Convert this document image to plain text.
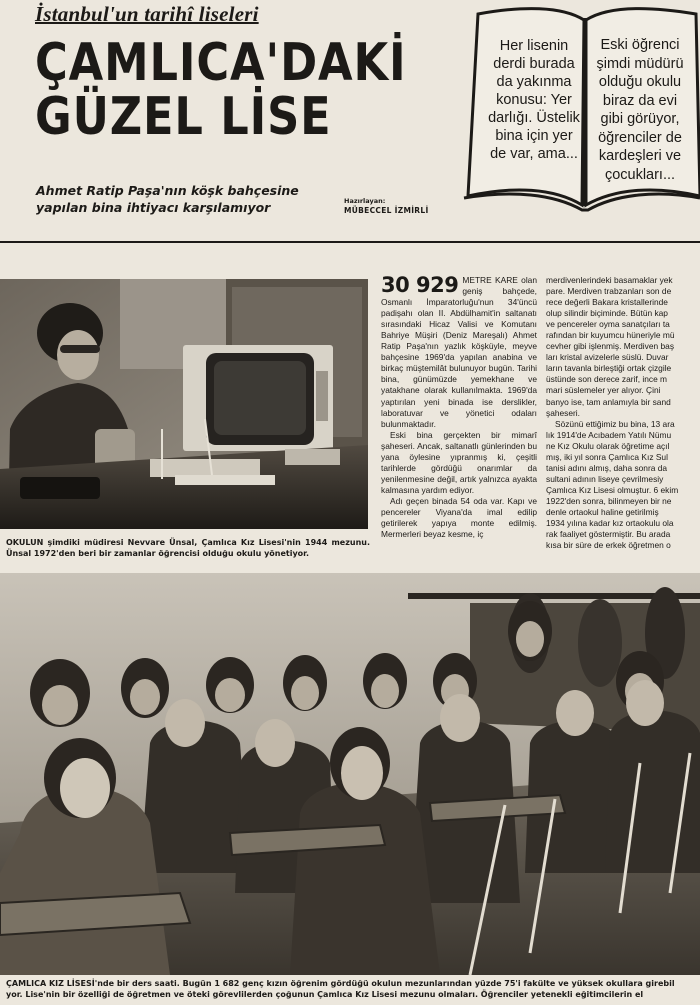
İstanbul'un tarihî liseleri
ÇAMLICA'DAKİ
GÜZEL LİSE
Ahmet Ratip Paşa'nın köşk bahçesine yapılan bina ihtiyacı karşılamıyor	Hazırlayan:
MÜBECCEL İZMİRLİ
Her lisenin derdi burada da yakınma konusu: Yer darlığı. Üstelik bina için yer de var, ama...
Eski öğrenci şimdi müdürü olduğu okulu biraz da evi gibi görüyor, öğrenciler de kardeşleri ve çocukları...
OKULUN şimdiki müdiresi Nevvare Ünsal, Çamlıca Kız Lisesi'nin 1944 mezunu. Ünsal 1972'den beri bir zamanlar öğrencisi olduğu okulu yönetiyor.

30 929 METRE KARE olan geniş bahçede, Osmanlı İmparatorluğu'nun 34'üncü padişahı olan II. Abdülhamit'in saltanatı sırasındaki Hicaz Valisi ve Komutanı Bahriye Müşiri (Deniz Mareşalı) Ahmet Ratip Paşa'nın yazlık köşküyle, meyve bahçesine 1969'da yapılan anabina ve birkaç müştemilât bulunuyor bugün. Tarihi bina, günümüzde yemekhane ve yatakhane olarak kullanılmakta. 1969'da yaptırılan yeni binada ise derslikler, laboratuvar ve yönetici odaları bulunmaktadır.

Eski bina gerçekten bir mimarî şaheseri. Ancak, saltanatlı günlerinden bu yana öylesine yıpranmış ki, çeşitli tarihlerde gördüğü onarımlar da yenilenmesine değil, artık yalnızca ayakta kalmasına yardım ediyor.

Adı geçen binada 54 oda var. Kapı ve pencereler Viyana'da imal edilip getirilerek yapıya monte edilmiş. Mermerleri beyaz kesme, iç

merdivenlerindeki basamaklar yek

pare. Merdiven trabzanları son de

rece değerli Bakara kristallerinde

olup silindir biçiminde. Bütün kap

ve pencereler oyma sanatçıları ta

rafından bir kuyumcu hüneriyle mü

cevher gibi işlenmiş. Merdiven baş

ları kristal avizelerle süslü. Duvar

ların tavanla birleştiği ortak çizgile

üstünde son derece zarif, ince m

mari süslemeler yer alıyor. Çini

banyo ise, tam anlamıyla bir sand

şaheseri.

Sözünü ettiğimiz bu bina, 13 ara

lık 1914'de Acıbadem Yatılı Nümu

ne Kız Okulu olarak öğretime açıl

mış, iki yıl sonra Çamlıca Kız Sul

tanisi adını almış, daha sonra da

sultani adının liseye çevrilmesiy

Çamlıca Kız Lisesi olmuştur. 6 ekim

1922'den sonra, bilinmeyen bir ne

denle ortaokul haline getirilmiş

1934 yılına kadar kız ortaokulu ola

rak faaliyet göstermiştir. Bu arada

kısa bir süre de erkek öğretmen o

ÇAMLICA KIZ LİSESİ'nde bir ders saati. Bugün 1 682 genç kızın öğrenim gördüğü okulun mezunlarından yüzde 75'i fakülte ve yüksek okullara girebil
yor. Lise'nin bir özelliği de öğretmen ve öteki görevlilerden çoğunun Çamlıca Kız Lisesi mezunu olmaları. Öğrenciler yetenekli eğitimcilerin el
